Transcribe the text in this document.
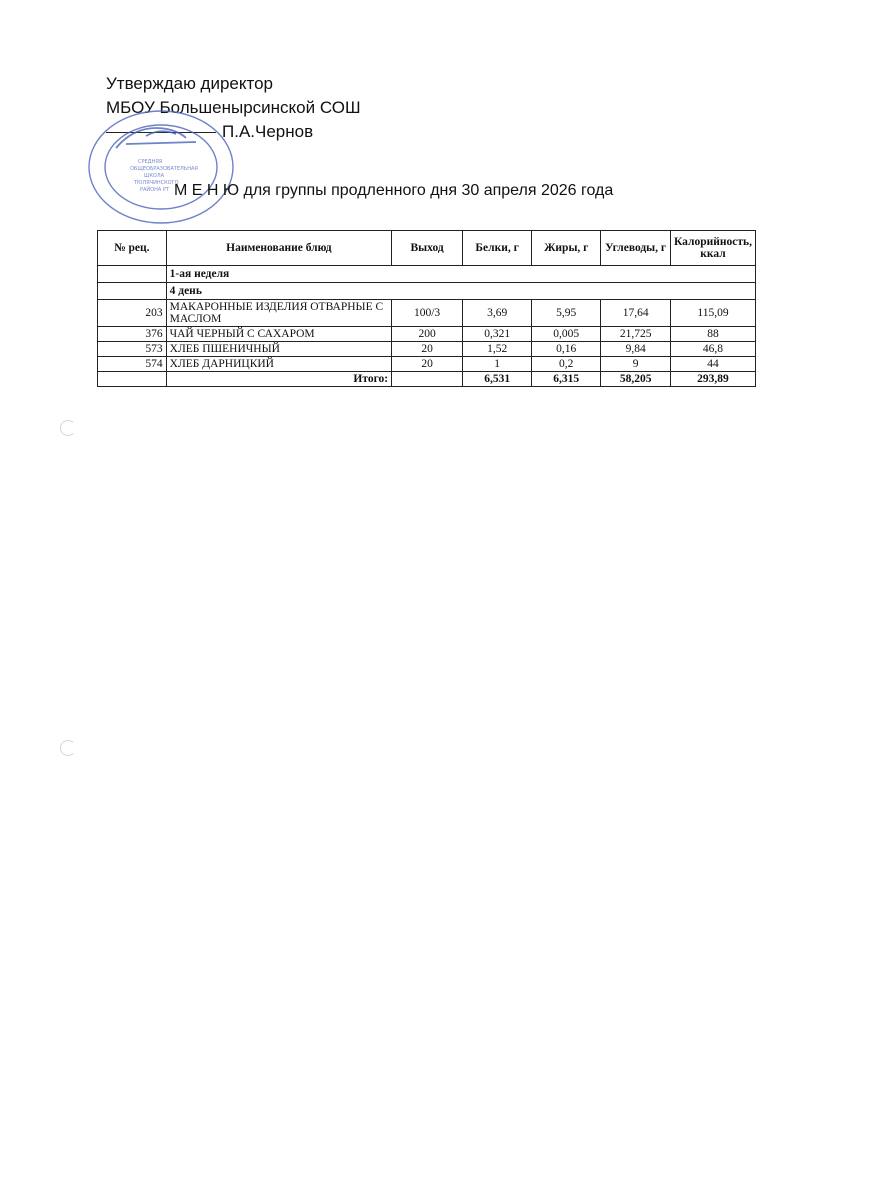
Утверждаю директор
МБОУ Большенырсинской СОШ
П.А.Чернов
СРЕДНЯЯ
ОБЩЕОБРАЗОВАТЕЛЬНАЯ
ШКОЛА
ТЮЛЯЧИНСКОГО
РАЙОНА РТ М Е Н Ю для группы продленного дня 30 апреля 2026 года
№ рец.	Наименование блюд	Выход	Белки, г	Жиры, г	Углеводы, г	Калорийность, ккал
	1-ая неделя					
	4 день					
203	МАКАРОННЫЕ ИЗДЕЛИЯ ОТВАРНЫЕ С МАСЛОМ	100/3	3,69	5,95	17,64	115,09
376	ЧАЙ ЧЕРНЫЙ С САХАРОМ	200	0,321	0,005	21,725	88
573	ХЛЕБ ПШЕНИЧНЫЙ	20	1,52	0,16	9,84	46,8
574	ХЛЕБ ДАРНИЦКИЙ	20	1	0,2	9	44
	Итого:		6,531	6,315	58,205	293,89
